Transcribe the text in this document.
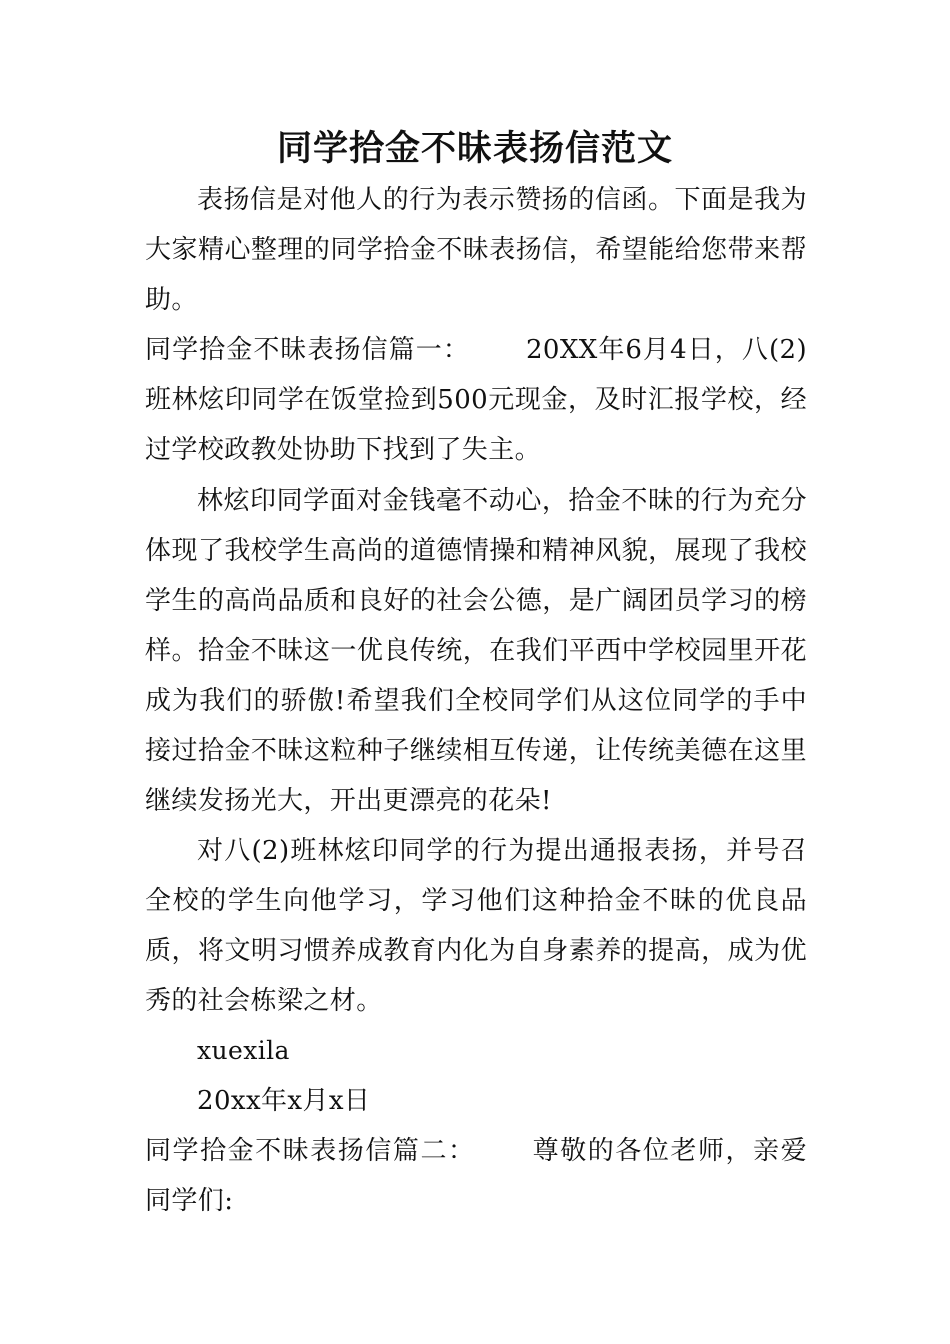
同学拾金不昧表扬信范文

表扬信是对他人的行为表示赞扬的信函。下面是我为大家精心整理的同学拾金不昧表扬信，希望能给您带来帮助。

同学拾金不昧表扬信篇一： 20XX年6月4日，八(2)班林炫印同学在饭堂捡到500元现金，及时汇报学校，经过学校政教处协助下找到了失主。

林炫印同学面对金钱毫不动心，拾金不昧的行为充分体现了我校学生高尚的道德情操和精神风貌，展现了我校学生的高尚品质和良好的社会公德，是广阔团员学习的榜样。拾金不昧这一优良传统，在我们平西中学校园里开花成为我们的骄傲!希望我们全校同学们从这位同学的手中接过拾金不昧这粒种子继续相互传递，让传统美德在这里继续发扬光大，开出更漂亮的花朵!

对八(2)班林炫印同学的行为提出通报表扬，并号召全校的学生向他学习，学习他们这种拾金不昧的优良品质，将文明习惯养成教育内化为自身素养的提高，成为优秀的社会栋梁之材。

xuexila

20xx年x月x日

同学拾金不昧表扬信篇二： 尊敬的各位老师，亲爱同学们:
